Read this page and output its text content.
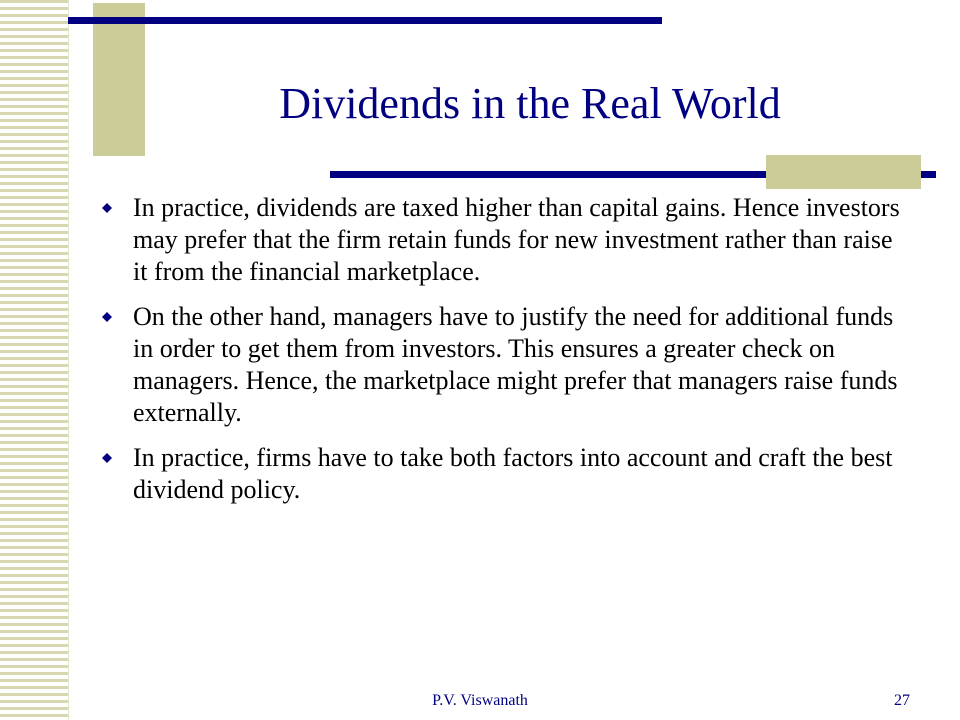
Dividends in the Real World
In practice, dividends are taxed higher than capital gains. Hence investors may prefer that the firm retain funds for new investment rather than raise it from the financial marketplace.
On the other hand, managers have to justify the need for additional funds in order to get them from investors. This ensures a greater check on managers. Hence, the marketplace might prefer that managers raise funds externally.
In practice, firms have to take both factors into account and craft the best dividend policy.
P.V. Viswanath	27
